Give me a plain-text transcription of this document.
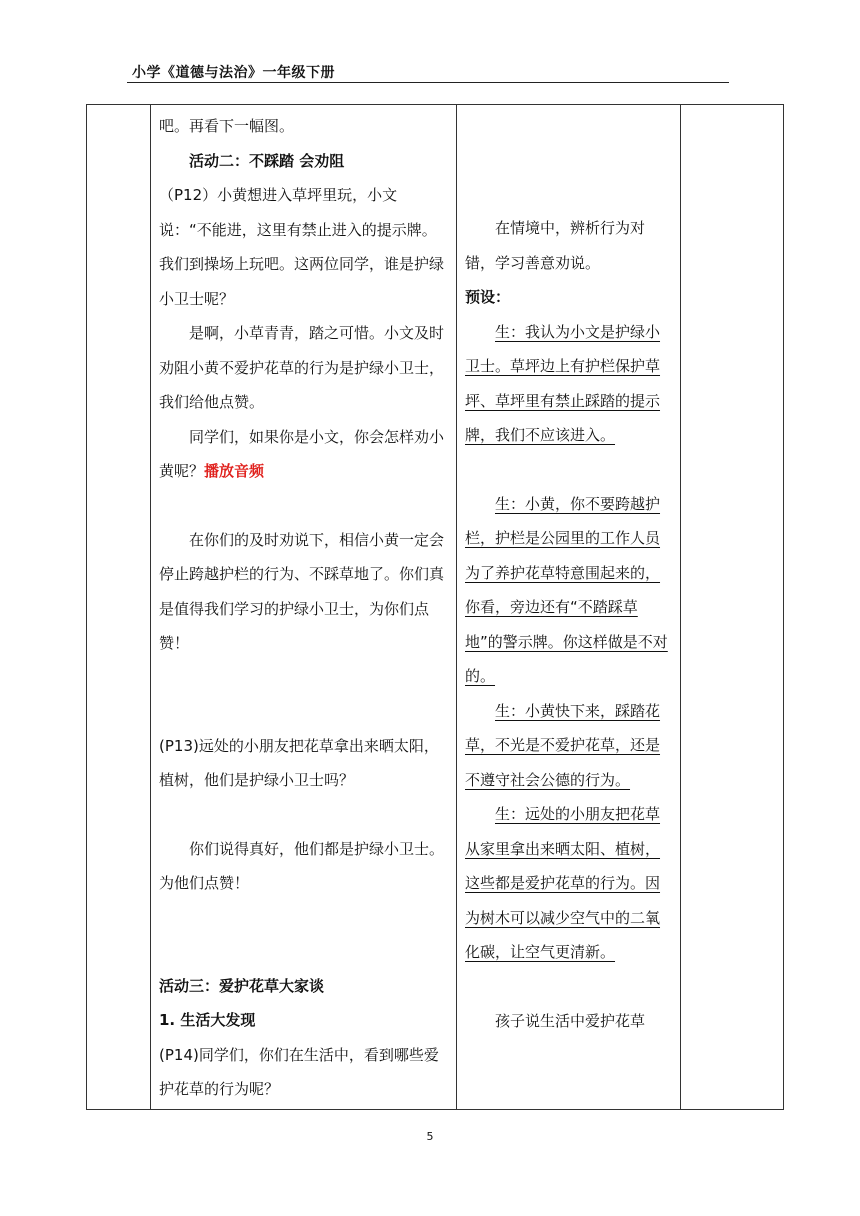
小学《道德与法治》一年级下册

吧。再看下一幅图。

活动二：不踩踏 会劝阻

（P12）小黄想进入草坪里玩，小文说：“不能进，这里有禁止进入的提示牌。我们到操场上玩吧。这两位同学，谁是护绿小卫士呢？

是啊，小草青青，踏之可惜。小文及时劝阻小黄不爱护花草的行为是护绿小卫士，我们给他点赞。

同学们，如果你是小文，你会怎样劝小黄呢？播放音频

在你们的及时劝说下，相信小黄一定会停止跨越护栏的行为、不踩草地了。你们真是值得我们学习的护绿小卫士，为你们点赞！

(P13)远处的小朋友把花草拿出来晒太阳，植树，他们是护绿小卫士吗？

你们说得真好，他们都是护绿小卫士。为他们点赞！

活动三：爱护花草大家谈

1. 生活大发现

(P14)同学们，你们在生活中，看到哪些爱护花草的行为呢？

在情境中，辨析行为对错，学习善意劝说。

预设：

生：我认为小文是护绿小卫士。草坪边上有护栏保护草坪、草坪里有禁止踩踏的提示牌，我们不应该进入。

生：小黄，你不要跨越护栏，护栏是公园里的工作人员为了养护花草特意围起来的，你看，旁边还有“不踏踩草地”的警示牌。你这样做是不对的。

生：小黄快下来，踩踏花草，不光是不爱护花草，还是不遵守社会公德的行为。

生：远处的小朋友把花草从家里拿出来晒太阳、植树，这些都是爱护花草的行为。因为树木可以减少空气中的二氧化碳，让空气更清新。

孩子说生活中爱护花草

5
